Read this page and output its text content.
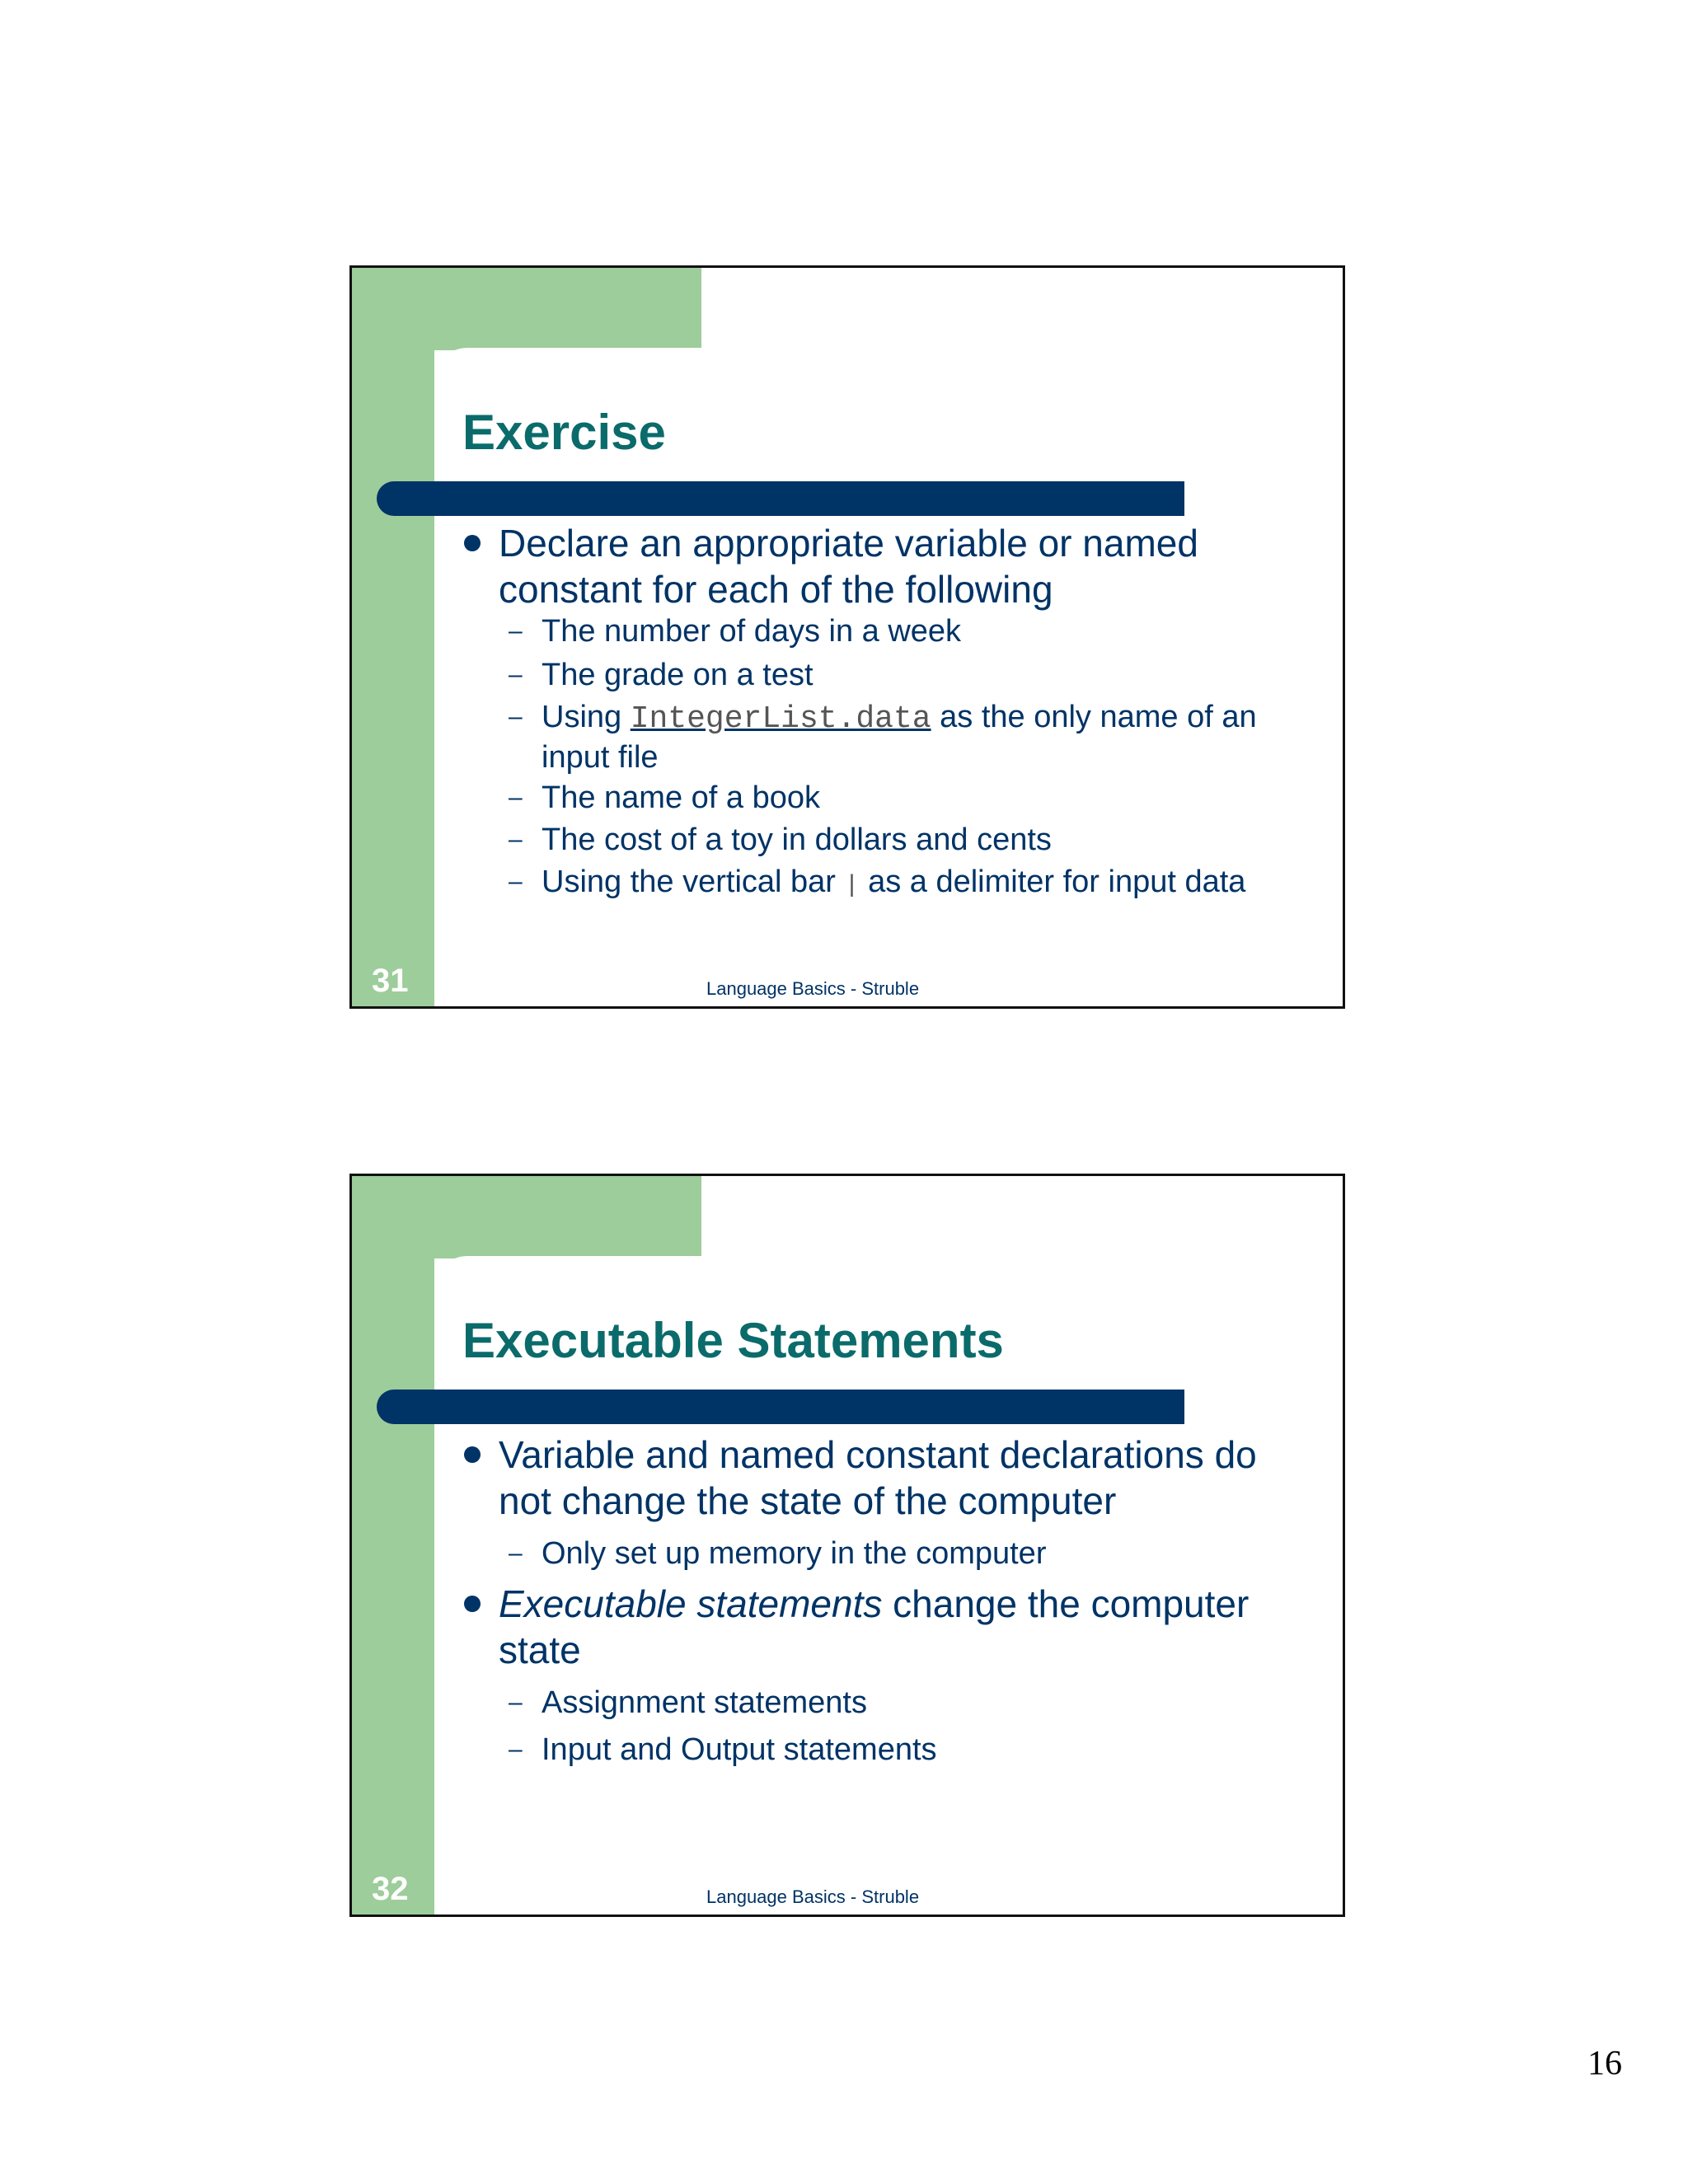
Exercise
Declare an appropriate variable or named constant for each of the following
– The number of days in a week
– The grade on a test
– Using IntegerList.data as the only name of an input file
– The name of a book
– The cost of a toy in dollars and cents
– Using the vertical bar | as a delimiter for input data
31	Language Basics - Struble
Executable Statements
Variable and named constant declarations do not change the state of the computer
– Only set up memory in the computer
Executable statements change the computer state
– Assignment statements
– Input and Output statements
32	Language Basics - Struble
16
